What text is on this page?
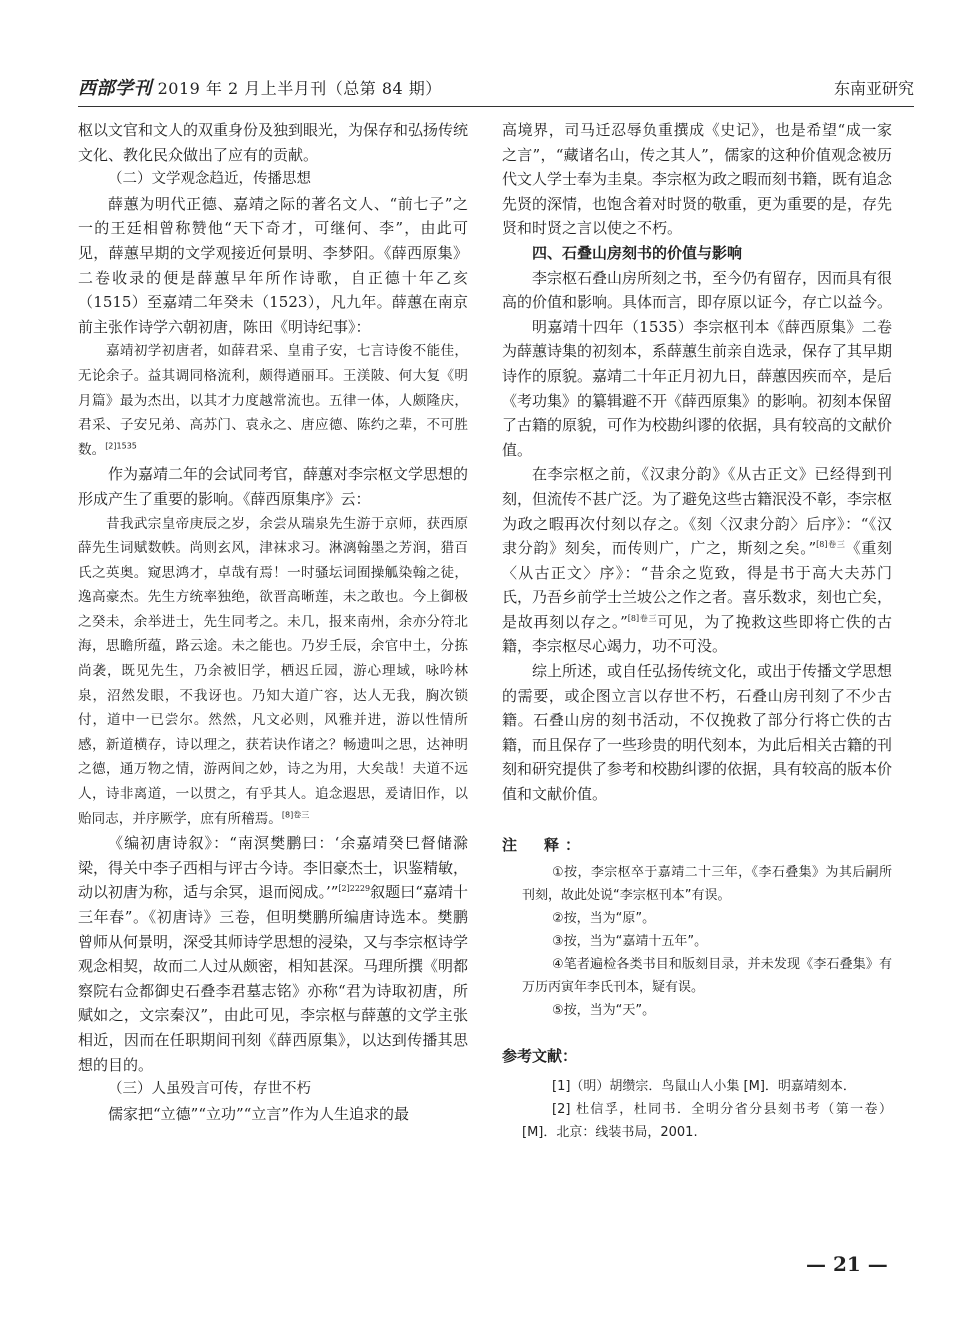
西部学刊 2019 年 2 月上半月刊（总第 84 期）	东南亚研究

枢以文官和文人的双重身份及独到眼光，为保存和弘扬传统文化、教化民众做出了应有的贡献。

（二）文学观念趋近，传播思想

薛蕙为明代正德、嘉靖之际的著名文人、“前七子”之一的王廷相曾称赞他“天下奇才，可继何、李”，由此可见，薛蕙早期的文学观接近何景明、李梦阳。《薛西原集》二卷收录的便是薛蕙早年所作诗歌，自正德十年乙亥（1515）至嘉靖二年癸未（1523），凡九年。薛蕙在南京前主张作诗学六朝初唐，陈田《明诗纪事》：

嘉靖初学初唐者，如薛君采、皇甫子安，七言诗俊不能佳，无论余子。益其调同格流利，颇得遒丽耳。王渼陂、何大复《明月篇》最为杰出，以其才力度越常流也。五律一体，人颇隆庆，君采、子安兄弟、高苏门、袁永之、唐应德、陈约之辈，不可胜数。$^{[2]1535}$

作为嘉靖二年的会试同考官，薛蕙对李宗枢文学思想的形成产生了重要的影响。《薛西原集序》云：

昔我武宗皇帝庚辰之岁，余尝从瑞泉先生游于京师，获西原薛先生词赋数帙。尚则玄风，津袜求习。淋漓翰墨之芳润，猎百氏之英奥。窥思鸿才，卓哉有焉！一时骚坛词囿操觚染翰之徒，逸高豪杰。先生方统率独绝，欲晋高晰莲，未之敢也。今上御极之癸未，余举进士，先生同考之。未几，报来南州，余亦分符北海，思瞻所蕴，路云途。未之能也。乃岁壬辰，余官中土，分拣尚袭，既见先生，乃余被旧学，栖迟丘园，游心理域，咏吟林泉，沼然发眼，不我讶也。乃知大道广容，达人无我，胸次锁付，道中一已尝尔。然然，凡文必则，风雅并进，游以性情所感，新道横存，诗以理之，获若诀作诸之？畅遗叫之思，达神明之德，通万物之情，游两间之妙，诗之为用，大矣哉！夫道不远人，诗非离道，一以贯之，有乎其人。追念遐思，爰请旧作，以贻同志，并序厥学，庶有所稽焉。$^{[8]卷三}$

《编初唐诗叙》：“南溟樊鹏曰：‘余嘉靖癸巳督储滁梁，得关中李子西相与评古今诗。李旧豪杰士，识鉴精敏，动以初唐为称，适与余冥，退而阅成。’”$^{[2]2229}$叙题曰“嘉靖十三年春”。《初唐诗》三卷，但明樊鹏所编唐诗选本。樊鹏曾师从何景明，深受其师诗学思想的浸染，又与李宗枢诗学观念相契，故而二人过从颇密，相知甚深。马理所撰《明都察院右佥都御史石叠李君墓志铭》亦称“君为诗取初唐，所赋如之，文宗秦汉”，由此可见，李宗枢与薛蕙的文学主张相近，因而在任职期间刊刻《薛西原集》，以达到传播其思想的目的。

（三）人虽殁言可传，存世不朽

儒家把“立德”“立功”“立言”作为人生追求的最

高境界，司马迁忍辱负重撰成《史记》，也是希望“成一家之言”，“藏诸名山，传之其人”，儒家的这种价值观念被历代文人学士奉为圭臬。李宗枢为政之暇而刻书籍，既有追念先贤的深情，也饱含着对时贤的敬重，更为重要的是，存先贤和时贤之言以使之不朽。

四、石叠山房刻书的价值与影响

李宗枢石叠山房所刻之书，至今仍有留存，因而具有很高的价值和影响。具体而言，即存原以证今，存亡以益今。

明嘉靖十四年（1535）李宗枢刊本《薛西原集》二卷为薛蕙诗集的初刻本，系薛蕙生前亲自选录，保存了其早期诗作的原貌。嘉靖二十年正月初九日，薛蕙因疾而卒，是后《考功集》的纂辑避不开《薛西原集》的影响。初刻本保留了古籍的原貌，可作为校勘纠谬的依据，具有较高的文献价值。

在李宗枢之前，《汉隶分韵》《从古正文》已经得到刊刻，但流传不甚广泛。为了避免这些古籍泯没不彰，李宗枢为政之暇再次付刻以存之。《刻〈汉隶分韵〉后序》：“《汉隶分韵》刻矣，而传则广，广之，斯刻之矣。”$^{[8]卷三}$《重刻〈从古正文〉序》：“昔余之览致，得是书于高大夫苏门氏，乃吾乡前学士兰坡公之作之者。喜乐数求，刻也亡矣，是故再刻以存之。”$^{[8]卷三}$可见，为了挽救这些即将亡佚的古籍，李宗枢尽心竭力，功不可没。

综上所述，或自任弘扬传统文化，或出于传播文学思想的需要，或企图立言以存世不朽，石叠山房刊刻了不少古籍。石叠山房的刻书活动，不仅挽救了部分行将亡佚的古籍，而且保存了一些珍贵的明代刻本，为此后相关古籍的刊刻和研究提供了参考和校勘纠谬的依据，具有较高的版本价值和文献价值。

注　释：

①按，李宗枢卒于嘉靖二十三年，《李石叠集》为其后嗣所刊刻，故此处说“李宗枢刊本”有误。

②按，当为“原”。

③按，当为“嘉靖十五年”。

④笔者遍检各类书目和版刻目录，并未发现《李石叠集》有万历丙寅年李氏刊本，疑有误。

⑤按，当为“天”。

参考文献：

[1]（明）胡缵宗．鸟鼠山人小集 [M]．明嘉靖刻本．

[2] 杜信孚，杜同书．全明分省分县刻书考（第一卷）[M]．北京：线装书局，2001.

— 21 —
